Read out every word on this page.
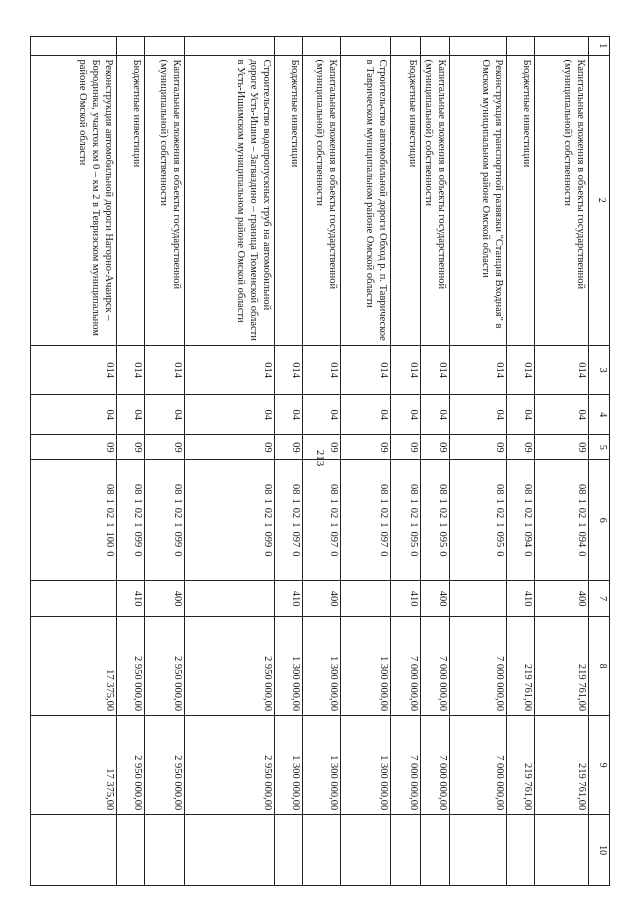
213
1	2	3	4	5	6	7	8	9	10
	Капитальные вложения в объекты государственной (муниципальной) собственности	014	04	09	0810210940	400	219 761,00	219 761,00	
	Бюджетные инвестиции	014	04	09	0810210940	410	219 761,00	219 761,00	
	Реконструкция транспортной развязки "Станция Входная" в Омском муниципальном районе Омской области	014	04	09	0810210950		7 000 000,00	7 000 000,00	
	Капитальные вложения в объекты государственной (муниципальной) собственности	014	04	09	0810210950	400	7 000 000,00	7 000 000,00	
	Бюджетные инвестиции	014	04	09	0810210950	410	7 000 000,00	7 000 000,00	
	Строительство автомобильной дороги Обход р. п. Таврическое в Таврическом муниципальном районе Омской области	014	04	09	0810210970		1 300 000,00	1 300 000,00	
	Капитальные вложения в объекты государственной (муниципальной) собственности	014	04	09	0810210970	400	1 300 000,00	1 300 000,00	
	Бюджетные инвестиции	014	04	09	0810210970	410	1 300 000,00	1 300 000,00	
	Строительство водопропускных труб на автомобильной дороге Усть-Ишим – Загваздино – граница Тюменской области в Усть-Ишимском муниципальном районе Омской области	014	04	09	0810210990		2 950 000,00	2 950 000,00	
	Капитальные вложения в объекты государственной (муниципальной) собственности	014	04	09	0810210990	400	2 950 000,00	2 950 000,00	
	Бюджетные инвестиции	014	04	09	0810210990	410	2 950 000,00	2 950 000,00	
	Реконструкция автомобильной дороги Нагорно-Ачаирск – Бородинка, участок км 0 – км 2 в Тевризском муниципальном районе Омской области	014	04	09	0810211000		17 375,00	17 375,00	
